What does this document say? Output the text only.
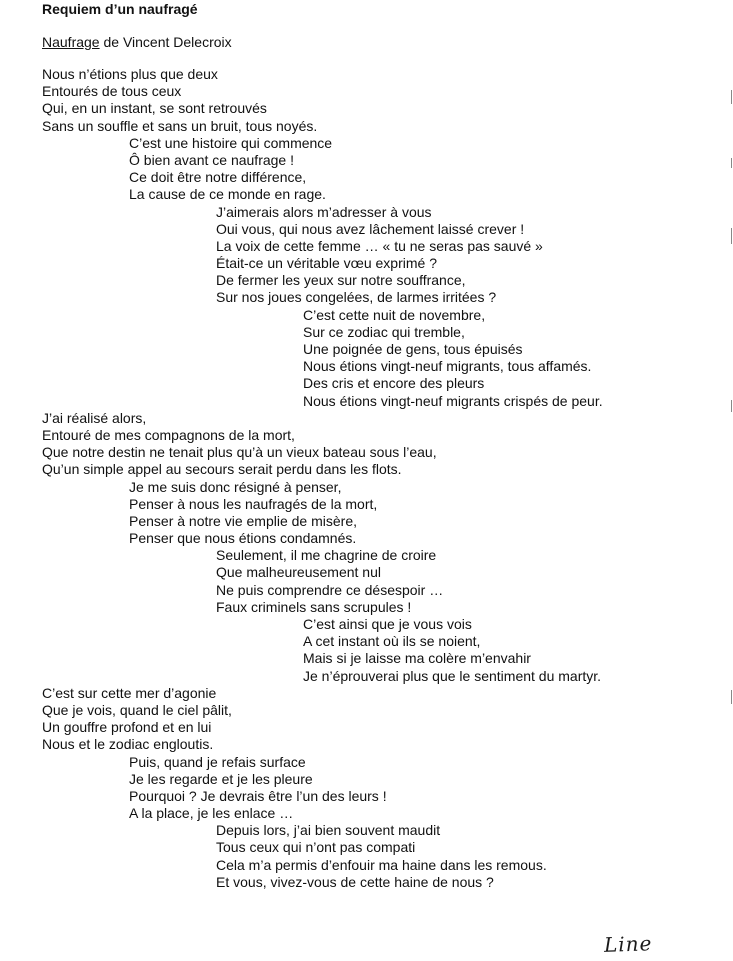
Requiem d’un naufragé
Naufrage de Vincent Delecroix
Nous n’étions plus que deux
Entourés de tous ceux
Qui, en un instant, se sont retrouvés
Sans un souffle et sans un bruit, tous noyés.
C’est une histoire qui commence
Ô bien avant ce naufrage !
Ce doit être notre différence,
La cause de ce monde en rage.
J’aimerais alors m’adresser à vous
Oui vous, qui nous avez lâchement laissé crever !
La voix de cette femme … « tu ne seras pas sauvé »
Était-ce un véritable vœu exprimé ?
De fermer les yeux sur notre souffrance,
Sur nos joues congelées, de larmes irritées ?
C’est cette nuit de novembre,
Sur ce zodiac qui tremble,
Une poignée de gens, tous épuisés
Nous étions vingt-neuf migrants, tous affamés.
Des cris et encore des pleurs
Nous étions vingt-neuf migrants crispés de peur.
J’ai réalisé alors,
Entouré de mes compagnons de la mort,
Que notre destin ne tenait plus qu’à un vieux bateau sous l’eau,
Qu’un simple appel au secours serait perdu dans les flots.
Je me suis donc résigné à penser,
Penser à nous les naufragés de la mort,
Penser à notre vie emplie de misère,
Penser que nous étions condamnés.
Seulement, il me chagrine de croire
Que malheureusement nul
Ne puis comprendre ce désespoir …
Faux criminels sans scrupules !
C’est ainsi que je vous vois
A cet instant où ils se noient,
Mais si je laisse ma colère m’envahir
Je n’éprouverai plus que le sentiment du martyr.
C’est sur cette mer d’agonie
Que je vois, quand le ciel pâlit,
Un gouffre profond et en lui
Nous et le zodiac engloutis.
Puis, quand je refais surface
Je les regarde et je les pleure
Pourquoi ? Je devrais être l’un des leurs !
A la place, je les enlace …
Depuis lors, j’ai bien souvent maudit
Tous ceux qui n’ont pas compati
Cela m’a permis d’enfouir ma haine dans les remous.
Et vous, vivez-vous de cette haine de nous ?
Line
